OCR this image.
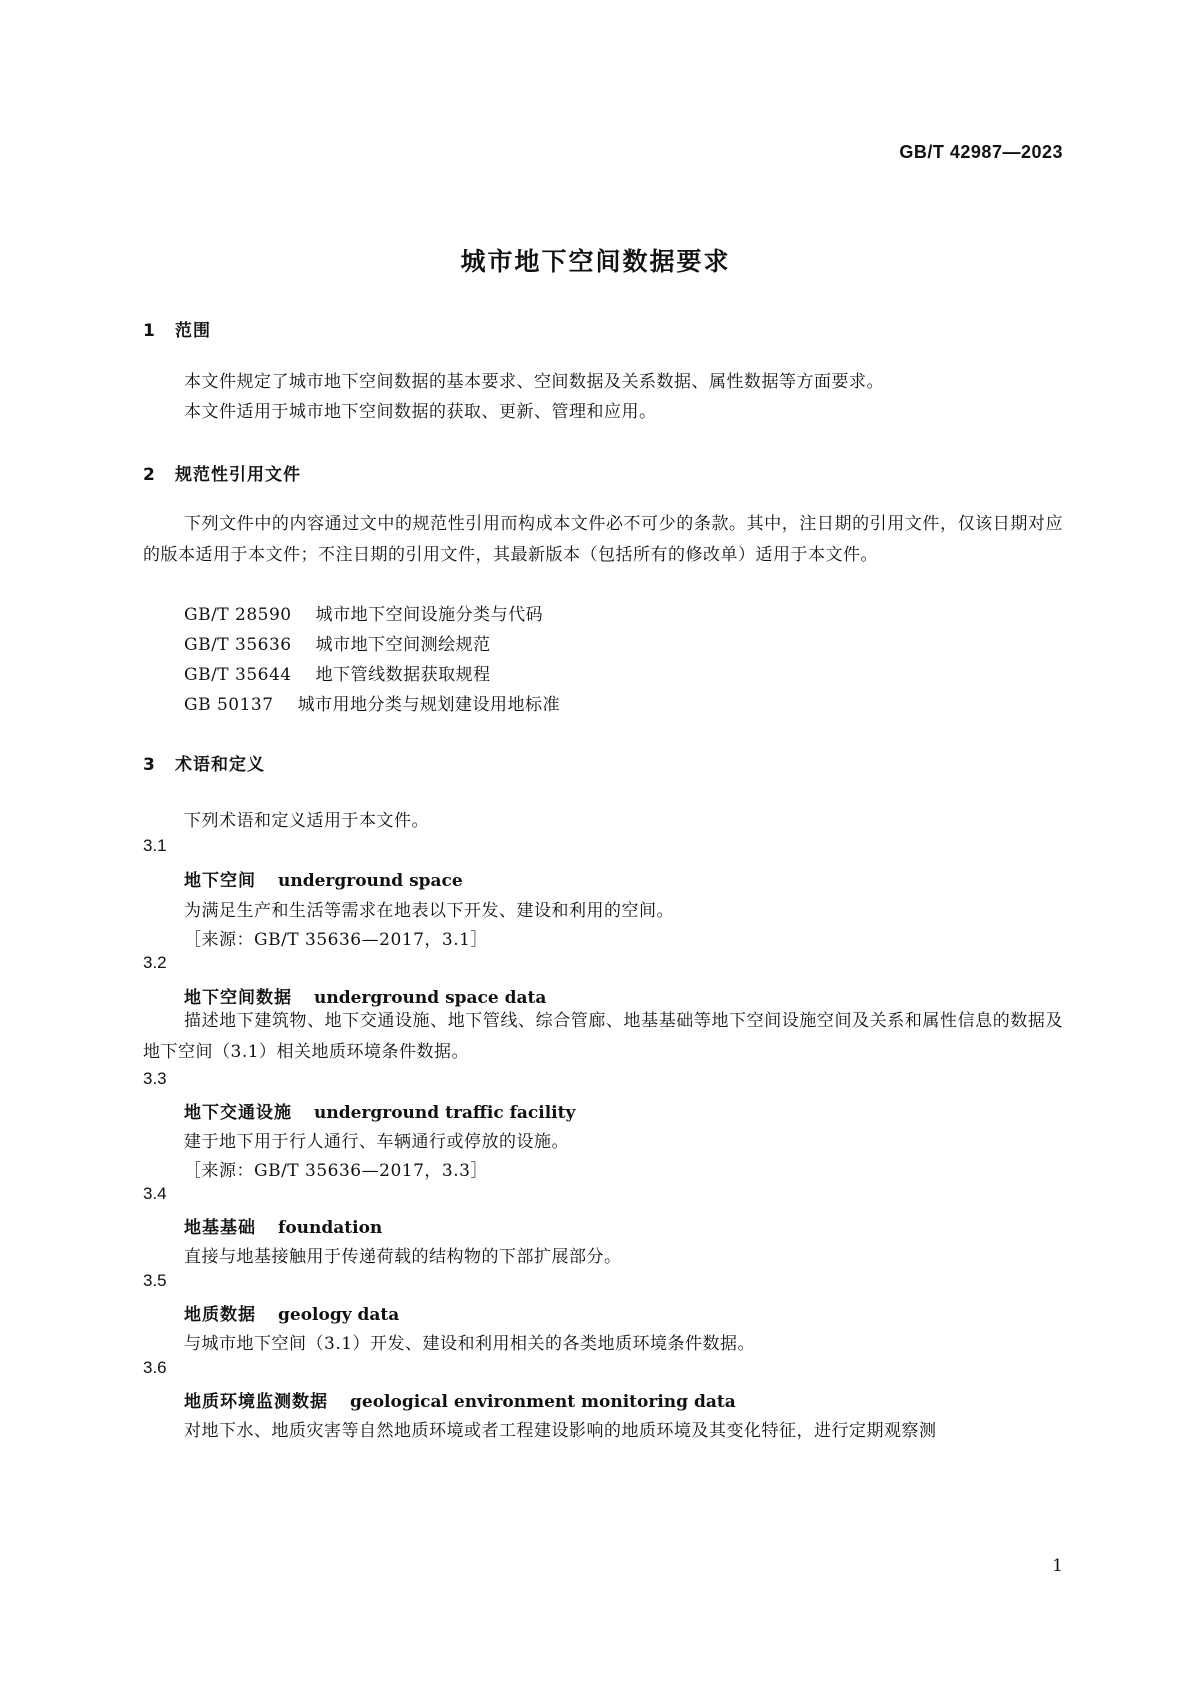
GB/T 42987—2023
城市地下空间数据要求
1 范围
本文件规定了城市地下空间数据的基本要求、空间数据及关系数据、属性数据等方面要求。
本文件适用于城市地下空间数据的获取、更新、管理和应用。
2 规范性引用文件
下列文件中的内容通过文中的规范性引用而构成本文件必不可少的条款。其中，注日期的引用文件，仅该日期对应的版本适用于本文件；不注日期的引用文件，其最新版本（包括所有的修改单）适用于本文件。
GB/T 28590 城市地下空间设施分类与代码
GB/T 35636 城市地下空间测绘规范
GB/T 35644 地下管线数据获取规程
GB 50137 城市用地分类与规划建设用地标准
3 术语和定义
下列术语和定义适用于本文件。
3.1
地下空间 underground space
为满足生产和生活等需求在地表以下开发、建设和利用的空间。
［来源：GB/T 35636—2017，3.1］
3.2
地下空间数据 underground space data
描述地下建筑物、地下交通设施、地下管线、综合管廊、地基基础等地下空间设施空间及关系和属性信息的数据及地下空间（3.1）相关地质环境条件数据。
3.3
地下交通设施 underground traffic facility
建于地下用于行人通行、车辆通行或停放的设施。
［来源：GB/T 35636—2017，3.3］
3.4
地基基础 foundation
直接与地基接触用于传递荷载的结构物的下部扩展部分。
3.5
地质数据 geology data
与城市地下空间（3.1）开发、建设和利用相关的各类地质环境条件数据。
3.6
地质环境监测数据 geological environment monitoring data
对地下水、地质灾害等自然地质环境或者工程建设影响的地质环境及其变化特征，进行定期观察测
1
